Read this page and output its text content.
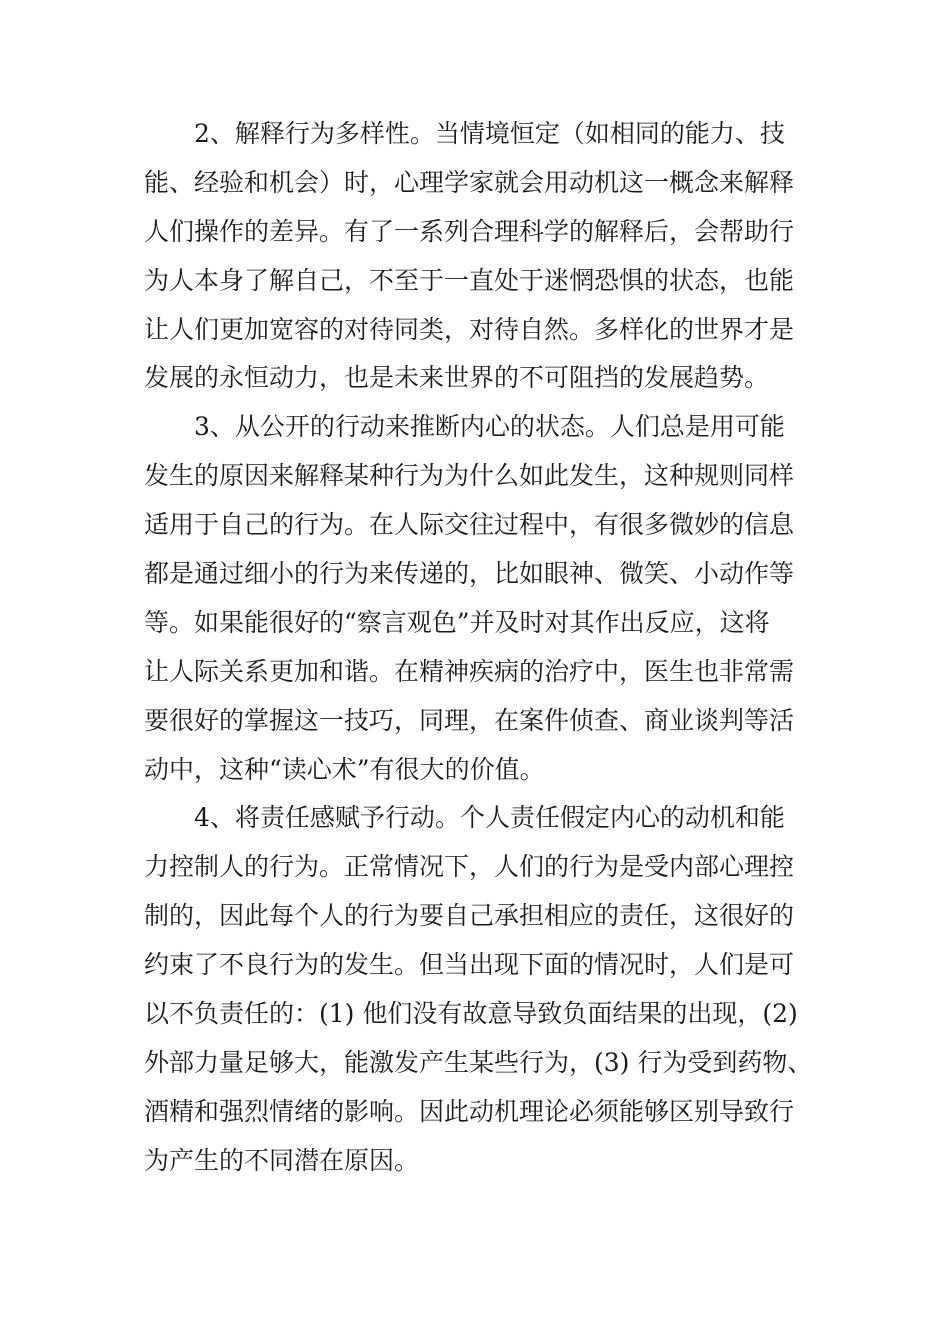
2、解释行为多样性。当情境恒定（如相同的能力、技
能、经验和机会）时，心理学家就会用动机这一概念来解释
人们操作的差异。有了一系列合理科学的解释后，会帮助行
为人本身了解自己，不至于一直处于迷惘恐惧的状态，也能
让人们更加宽容的对待同类，对待自然。多样化的世界才是
发展的永恒动力，也是未来世界的不可阻挡的发展趋势。
3、从公开的行动来推断内心的状态。人们总是用可能
发生的原因来解释某种行为为什么如此发生，这种规则同样
适用于自己的行为。在人际交往过程中，有很多微妙的信息
都是通过细小的行为来传递的，比如眼神、微笑、小动作等
等。如果能很好的“察言观色”并及时对其作出反应，这将
让人际关系更加和谐。在精神疾病的治疗中，医生也非常需
要很好的掌握这一技巧，同理，在案件侦查、商业谈判等活
动中，这种“读心术”有很大的价值。
4、将责任感赋予行动。个人责任假定内心的动机和能
力控制人的行为。正常情况下，人们的行为是受内部心理控
制的，因此每个人的行为要自己承担相应的责任，这很好的
约束了不良行为的发生。但当出现下面的情况时，人们是可
以不负责任的：(1) 他们没有故意导致负面结果的出现，(2)
外部力量足够大，能激发产生某些行为，(3) 行为受到药物、
酒精和强烈情绪的影响。因此动机理论必须能够区别导致行
为产生的不同潜在原因。
